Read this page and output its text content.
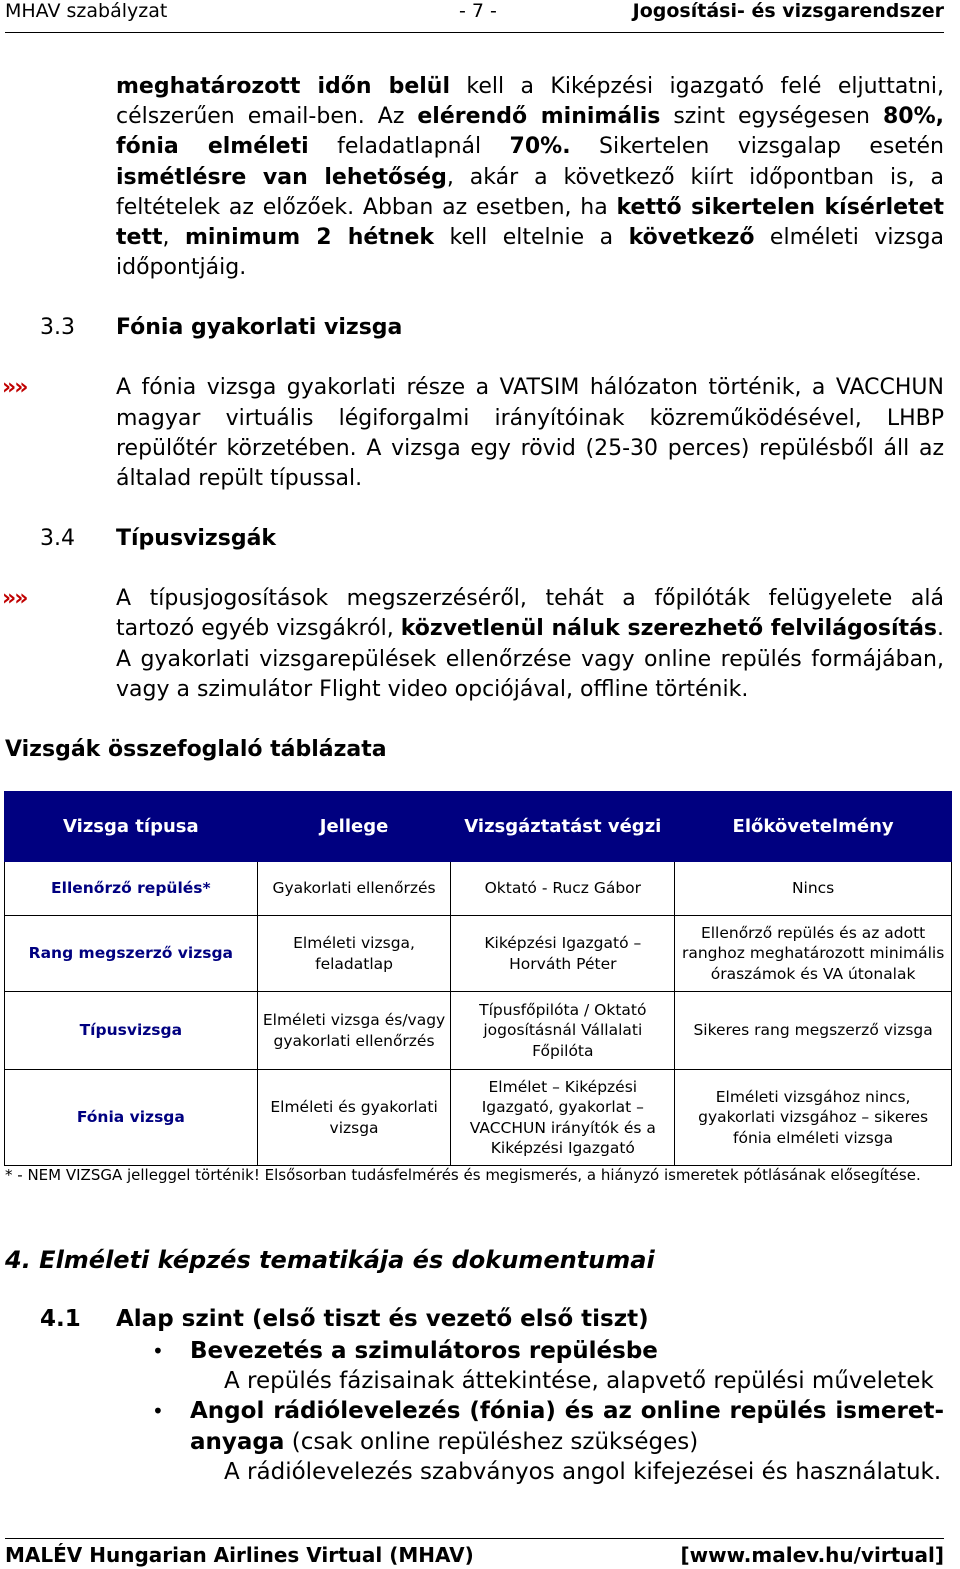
MHAV szabályzat	- 7 -	Jogosítási- és vizsgarendszer
meghatározott időn belül kell a Kiképzési igazgató felé eljuttatni, célszerűen email-ben. Az elérendő minimális szint egységesen 80%, fónia elméleti feladatlapnál 70%. Sikertelen vizsgalap esetén ismétlésre van lehetőség, akár a következő kiírt időpontban is, a feltételek az előzőek. Abban az esetben, ha kettő sikertelen kísérletet tett, minimum 2 hétnek kell eltelnie a következő elméleti vizsga időpontjáig.
3.3 Fónia gyakorlati vizsga
»»	A fónia vizsga gyakorlati része a VATSIM hálózaton történik, a VACCHUN magyar virtuális légiforgalmi irányítóinak közreműködésével, LHBP repülőtér körzetében. A vizsga egy rövid (25-30 perces) repülésből áll az általad repült típussal.
3.4 Típusvizsgák
»»	A típusjogosítások megszerzéséről, tehát a főpilóták felügyelete alá tartozó egyéb vizsgákról, közvetlenül náluk szerezhető felvilágosítás. A gyakorlati vizsgarepülések ellenőrzése vagy online repülés formájában, vagy a szimulátor Flight video opciójával, offline történik.
Vizsgák összefoglaló táblázata
Vizsga típusa	Jellege	Vizsgáztatást végzi	Előkövetelmény
Ellenőrző repülés*	Gyakorlati ellenőrzés	Oktató - Rucz Gábor	Nincs
Rang megszerző vizsga	Elméleti vizsga, feladatlap	Kiképzési Igazgató – Horváth Péter	Ellenőrző repülés és az adott ranghoz meghatározott minimális óraszámok és VA útonalak
Típusvizsga	Elméleti vizsga és/vagy gyakorlati ellenőrzés	Típusfőpilóta / Oktató jogosításnál Vállalati Főpilóta	Sikeres rang megszerző vizsga
Fónia vizsga	Elméleti és gyakorlati vizsga	Elmélet – Kiképzési Igazgató, gyakorlat – VACCHUN irányítók és a Kiképzési Igazgató	Elméleti vizsgához nincs, gyakorlati vizsgához – sikeres fónia elméleti vizsga
* - NEM VIZSGA jelleggel történik! Elsősorban tudásfelmérés és megismerés, a hiányzó ismeretek pótlásának elősegítése.
4. Elméleti képzés tematikája és dokumentumai
4.1 Alap szint (első tiszt és vezető első tiszt)
• Bevezetés a szimulátoros repülésbe
A repülés fázisainak áttekintése, alapvető repülési műveletek
• Angol rádiólevelezés (fónia) és az online repülés ismeret-
anyaga (csak online repüléshez szükséges)
A rádiólevelezés szabványos angol kifejezései és használatuk.
MALÉV Hungarian Airlines Virtual (MHAV)	[www.malev.hu/virtual]
